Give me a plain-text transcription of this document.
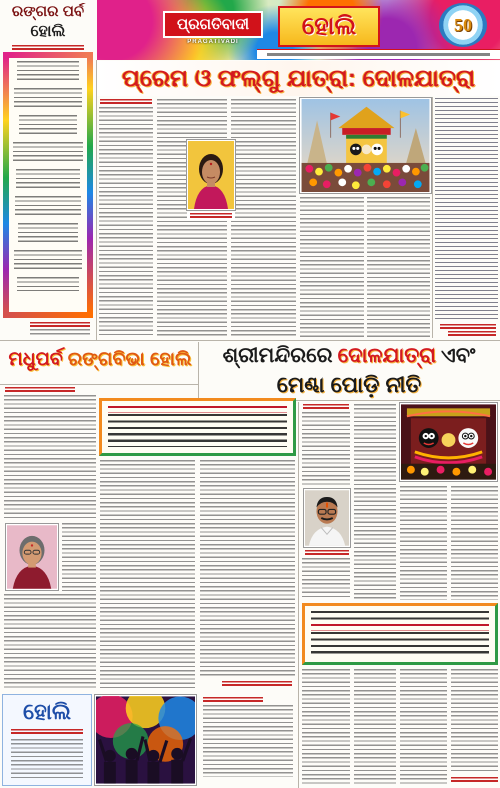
ରଙ୍ଗର ପର୍ବ
ହୋଲି	ପ୍ରଗତିବାଦୀ
PRAGATIVADI
ହୋଲି	50
ପ୍ରେମ ଓ ଫଲ୍‌ଗୁ ଯାତ୍ରା: ଦୋଳଯାତ୍ରା
ମଧୁପର୍ବ ରଙ୍ଗବିଭା ହୋଲି ଶ୍ରୀମନ୍ଦିରରେ ଦୋଳଯାତ୍ରା ଏବଂ
ମେଣ୍ଢା ପୋଡ଼ି ନୀତି
ହୋଲି
